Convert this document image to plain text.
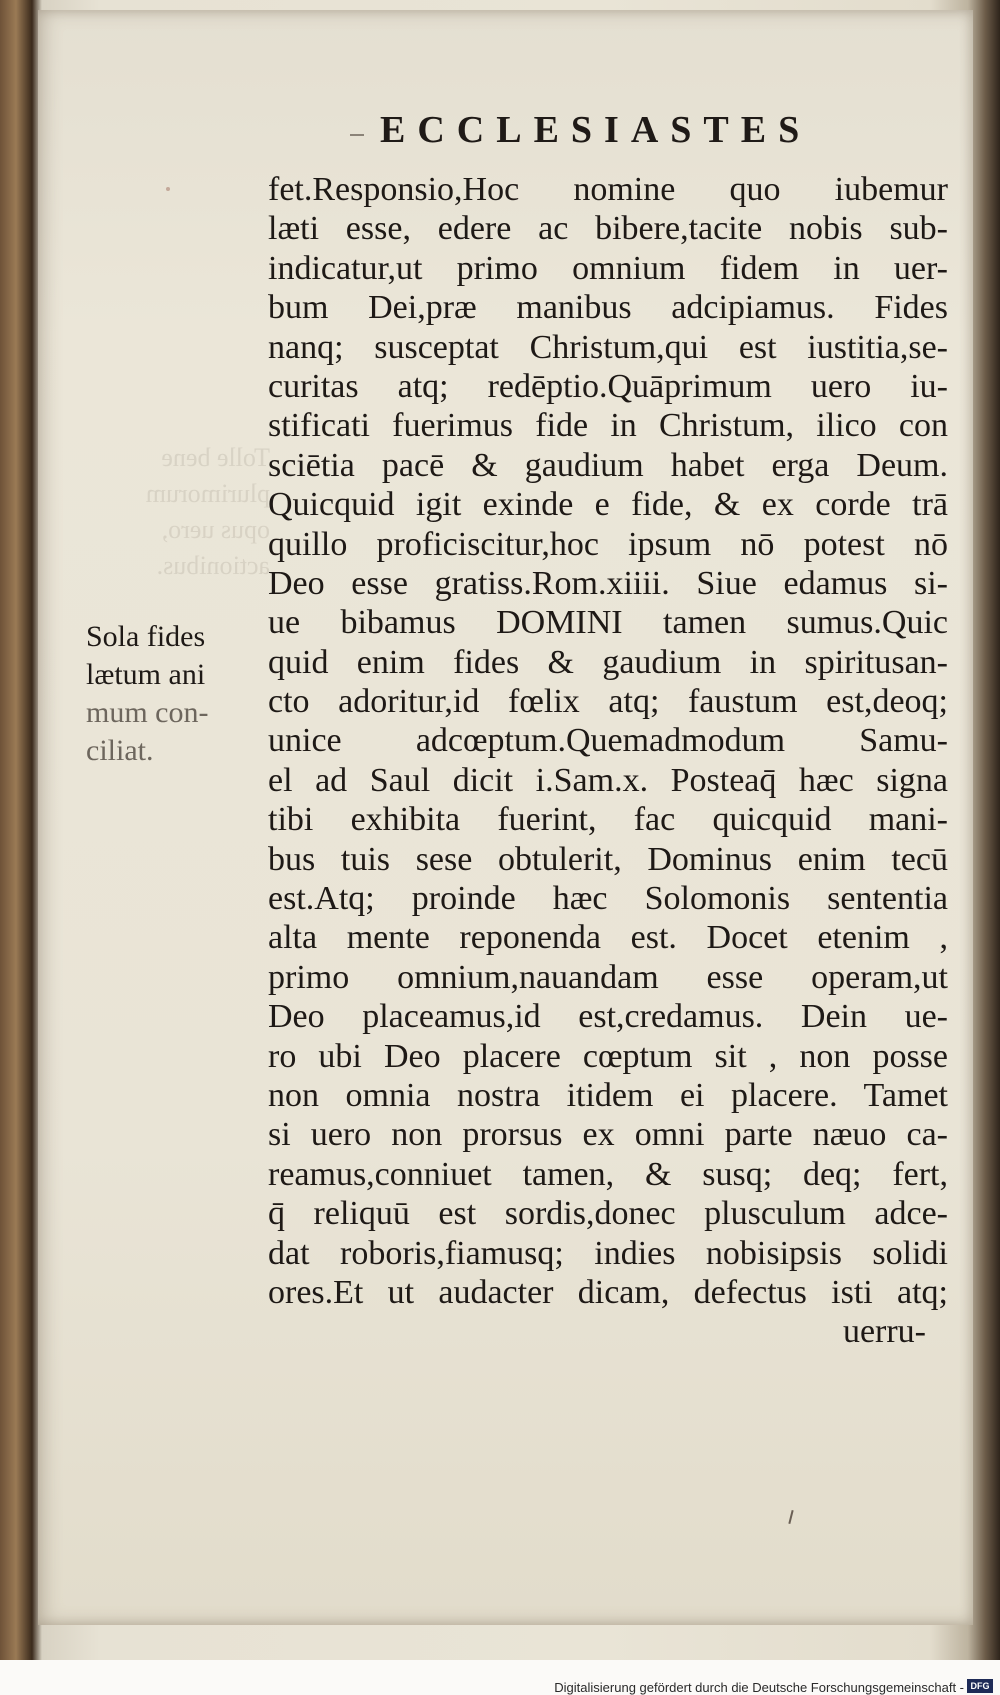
Tolle bene
plurimorum
opus uero,
actionibus.
ECCLESIASTES
Sola fides
lætum ani
mum con-
ciliat.
fet.Responsio,Hoc nomine quo iubemur
læti esse, edere ac bibere,tacite nobis sub-
indicatur,ut primo omnium fidem in uer-
bum Dei,præ manibus adcipiamus. Fides
nanq; susceptat Christum,qui est iustitia,se-
curitas atq; redēptio.Quāprimum uero iu-
stificati fuerimus fide in Christum, ilico con
sciētia pacē & gaudium habet erga Deum.
Quicquid igit exinde e fide, & ex corde trā
quillo proficiscitur,hoc ipsum nō potest nō
Deo esse gratiss.Rom.xiiii. Siue edamus si-
ue bibamus DOMINI tamen sumus.Quic
quid enim fides & gaudium in spiritusan-
cto adoritur,id fœlix atq; faustum est,deoq;
unice adcœptum.Quemadmodum Samu-
el ad Saul dicit i.Sam.x. Posteaq̄ hæc signa
tibi exhibita fuerint, fac quicquid mani-
bus tuis sese obtulerit, Dominus enim tecū
est.Atq; proinde hæc Solomonis sententia
alta mente reponenda est. Docet etenim ,
primo omnium,nauandam esse operam,ut
Deo placeamus,id est,credamus. Dein ue-
ro ubi Deo placere cœptum sit , non posse
non omnia nostra itidem ei placere. Tamet
si uero non prorsus ex omni parte næuo ca-
reamus,conniuet tamen, & susq; deq; fert,
q̄ reliquū est sordis,donec plusculum adce-
dat roboris,fiamusq; indies nobisipsis solidi
ores.Et ut audacter dicam, defectus isti atq;
uerru-
Digitalisierung gefördert durch die Deutsche Forschungsgemeinschaft - DFG
